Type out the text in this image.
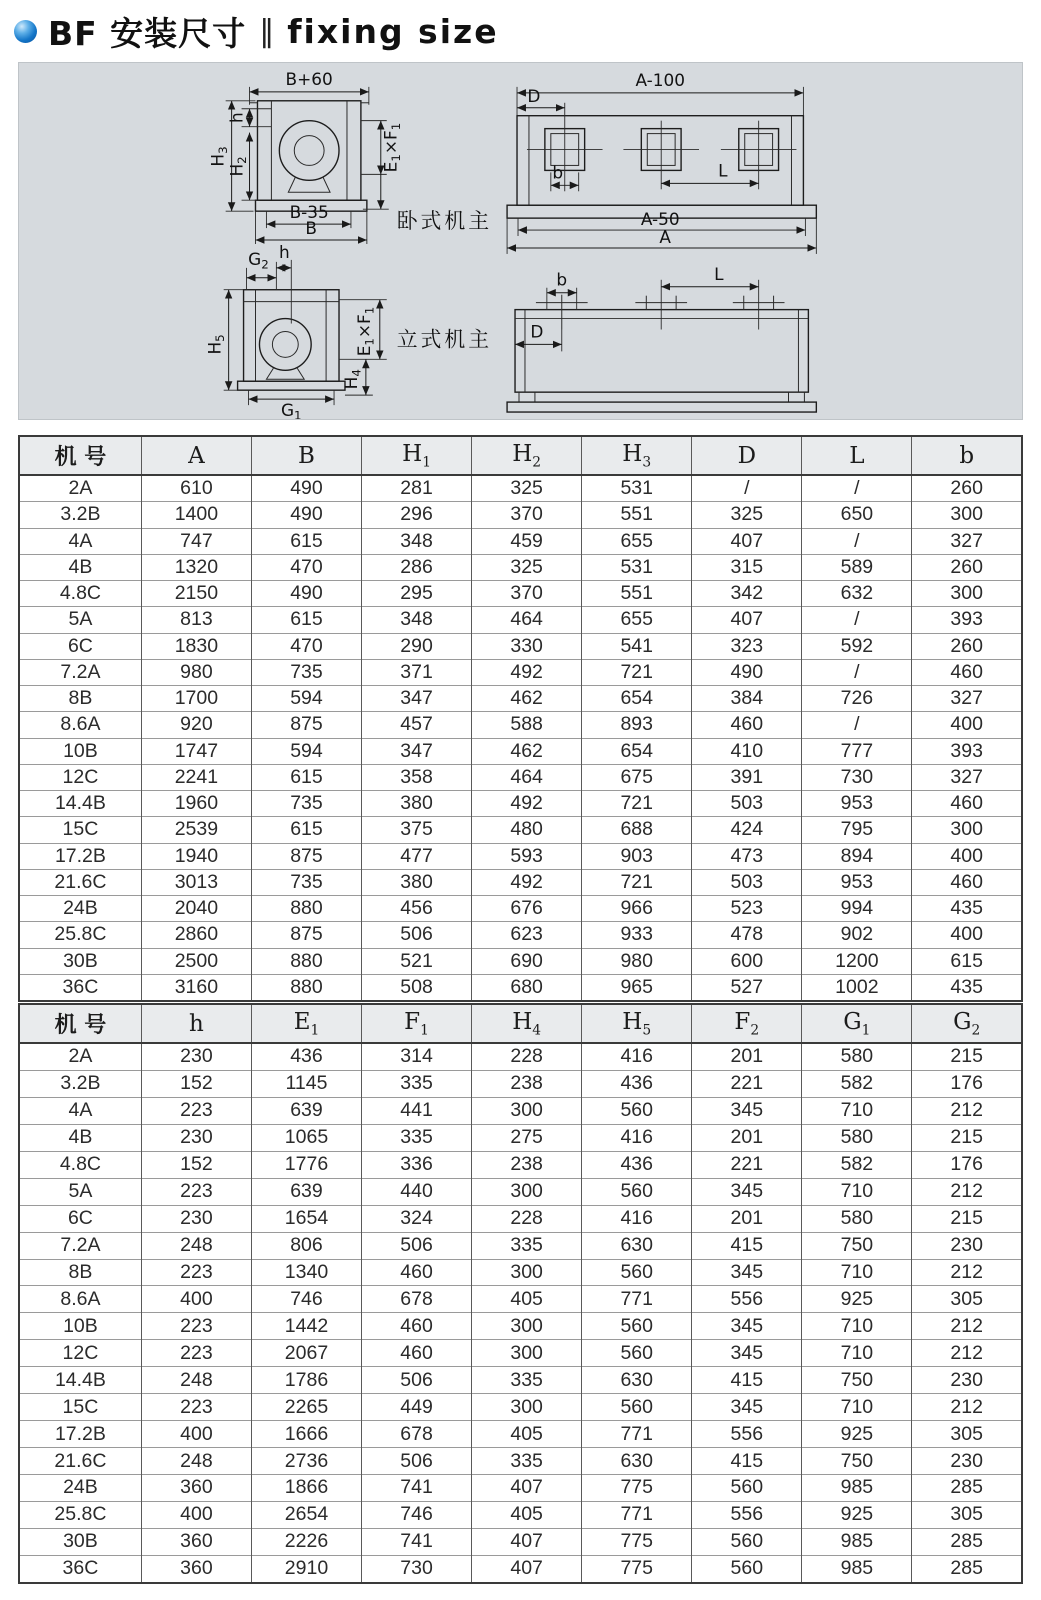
BF 安装尺寸 ‖ fixing size
B+60
$H_3$
h
$H_2$
$E_1\times F_1$
B-35
B
A-100
D
b	L
A-50
A
卧式机主
$G_2$
h
$H_5$
$E_1\times F_1$
$H_4$
$G_1$
b	L
D
立式机主
机 号	A	B	$H_1$	$H_2$	$H_3$	D	L	b
2A	610	490	281	325	531	/	/	260
3.2B	1400	490	296	370	551	325	650	300
4A	747	615	348	459	655	407	/	327
4B	1320	470	286	325	531	315	589	260
4.8C	2150	490	295	370	551	342	632	300
5A	813	615	348	464	655	407	/	393
6C	1830	470	290	330	541	323	592	260
7.2A	980	735	371	492	721	490	/	460
8B	1700	594	347	462	654	384	726	327
8.6A	920	875	457	588	893	460	/	400
10B	1747	594	347	462	654	410	777	393
12C	2241	615	358	464	675	391	730	327
14.4B	1960	735	380	492	721	503	953	460
15C	2539	615	375	480	688	424	795	300
17.2B	1940	875	477	593	903	473	894	400
21.6C	3013	735	380	492	721	503	953	460
24B	2040	880	456	676	966	523	994	435
25.8C	2860	875	506	623	933	478	902	400
30B	2500	880	521	690	980	600	1200	615
36C	3160	880	508	680	965	527	1002	435
机 号	h	$E_1$	$F_1$	$H_4$	$H_5$	$F_2$	$G_1$	$G_2$
2A	230	436	314	228	416	201	580	215
3.2B	152	1145	335	238	436	221	582	176
4A	223	639	441	300	560	345	710	212
4B	230	1065	335	275	416	201	580	215
4.8C	152	1776	336	238	436	221	582	176
5A	223	639	440	300	560	345	710	212
6C	230	1654	324	228	416	201	580	215
7.2A	248	806	506	335	630	415	750	230
8B	223	1340	460	300	560	345	710	212
8.6A	400	746	678	405	771	556	925	305
10B	223	1442	460	300	560	345	710	212
12C	223	2067	460	300	560	345	710	212
14.4B	248	1786	506	335	630	415	750	230
15C	223	2265	449	300	560	345	710	212
17.2B	400	1666	678	405	771	556	925	305
21.6C	248	2736	506	335	630	415	750	230
24B	360	1866	741	407	775	560	985	285
25.8C	400	2654	746	405	771	556	925	305
30B	360	2226	741	407	775	560	985	285
36C	360	2910	730	407	775	560	985	285
